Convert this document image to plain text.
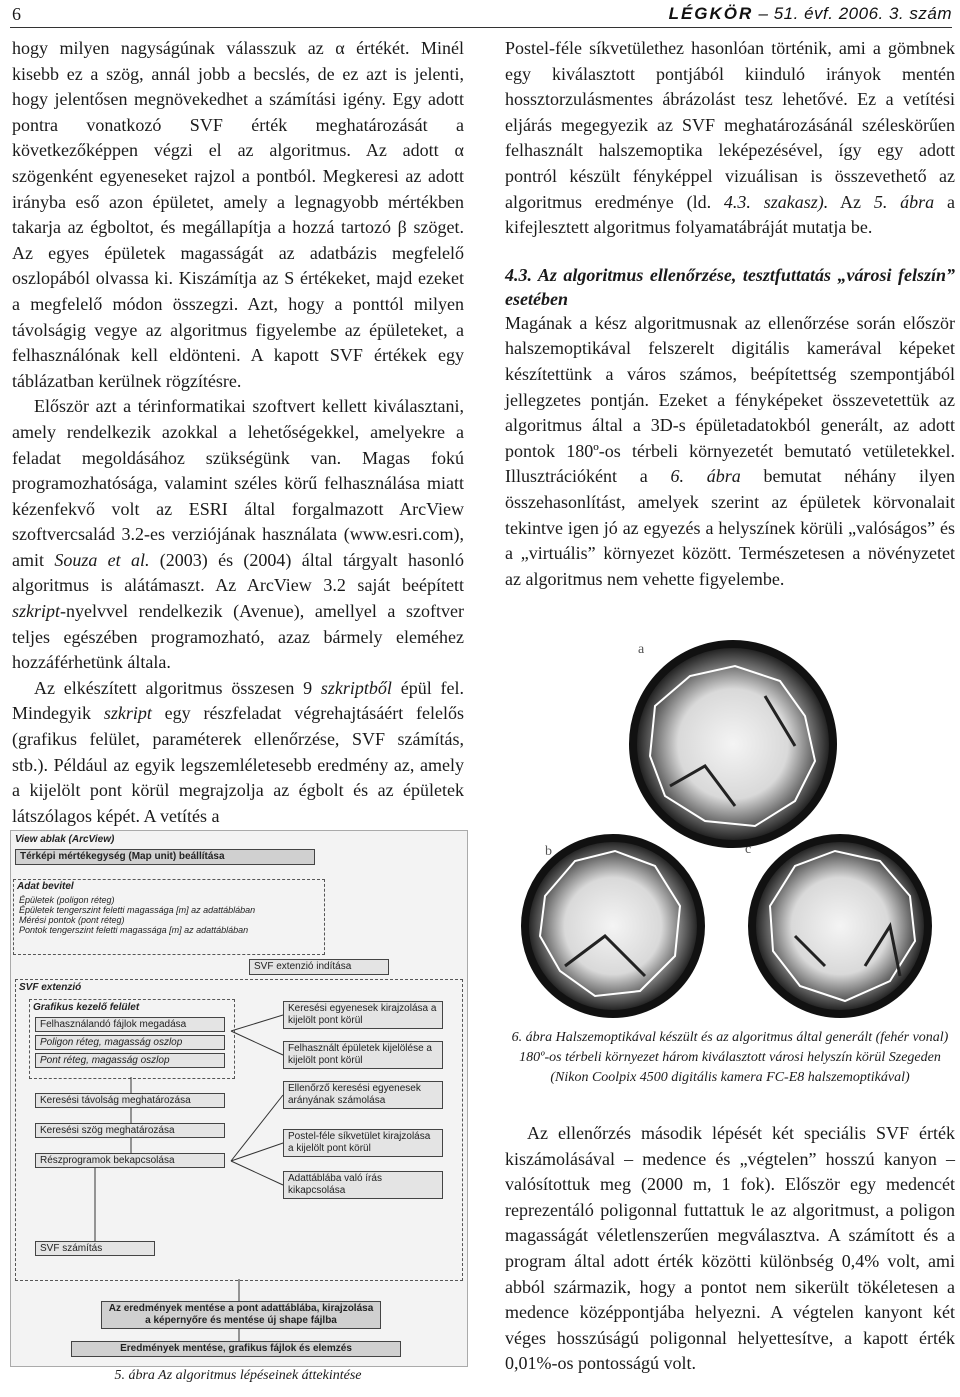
6	LÉGKÖR – 51. évf. 2006. 3. szám

hogy milyen nagyságúnak válasszuk az α értékét. Minél kisebb ez a szög, annál jobb a becslés, de ez azt is jelenti, hogy jelentősen megnövekedhet a számítási igény. Egy adott pontra vonatkozó SVF érték meghatározását a következőképpen végzi el az algoritmus. Az adott α szögenként egyeneseket rajzol a pontból. Megkeresi az adott irányba eső azon épületet, amely a legnagyobb mértékben takarja az égboltot, és megállapítja a hozzá tartozó β szöget. Az egyes épületek magasságát az adatbázis megfelelő oszlopából olvassa ki. Kiszámítja az S értékeket, majd ezeket a megfelelő módon összegzi. Azt, hogy a ponttól milyen távolságig vegye az algoritmus figyelembe az épületeket, a felhasználónak kell eldönteni. A kapott SVF értékek egy táblázatban kerülnek rögzítésre.

Először azt a térinformatikai szoftvert kellett kiválasztani, amely rendelkezik azokkal a lehetőségekkel, amelyekre a feladat megoldásához szükségünk van. Magas fokú programozhatósága, valamint széles körű felhasználása miatt kézenfekvő volt az ESRI által forgalmazott ArcView szoftvercsalád 3.2-es verziójának használata (www.esri.com), amit Souza et al. (2003) és (2004) által tárgyalt hasonló algoritmus is alátámaszt. Az ArcView 3.2 saját beépített szkript-nyelvvel rendelkezik (Avenue), amellyel a szoftver teljes egészében programozható, azaz bármely eleméhez hozzáférhetünk általa.

Az elkészített algoritmus összesen 9 szkriptből épül fel. Mindegyik szkript egy részfeladat végrehajtásáért felelős (grafikus felület, paraméterek ellenőrzése, SVF számítás, stb.). Például az egyik legszemléletesebb eredmény az, amely a kijelölt pont körül megrajzolja az égbolt és az épületek látszólagos képét. A vetítés a

Postel-féle síkvetülethez hasonlóan történik, ami a gömbnek egy kiválasztott pontjából kiinduló irányok mentén hossztorzulásmentes ábrázolást tesz lehetővé. Ez a vetítési eljárás megegyezik az SVF meghatározásánál széleskörűen felhasznált halszemoptika leképezésével, így egy adott pontról készült fényképpel vizuálisan is összevethető az algoritmus eredménye (ld. 4.3. szakasz). Az 5. ábra a kifejlesztett algoritmus folyamatábráját mutatja be.

4.3. Az algoritmus ellenőrzése, tesztfuttatás „városi felszín” esetében

Magának a kész algoritmusnak az ellenőrzése során először halszemoptikával felszerelt digitális kamerával képeket készítettünk a város számos, beépítettség szempontjából jellegzetes pontján. Ezeket a fényképeket összevetettük az algoritmus által a 3D-s épületadatokból generált, az adott pontok 180º-os térbeli környezetét bemutató vetületekkel. Illusztrációként a 6. ábra bemutat néhány ilyen összehasonlítást, amelyek szerint az épületek körvonalait tekintve igen jó az egyezés a helyszínek körüli „valóságos” és a „virtuális” környezet között. Természetesen a növényzetet az algoritmus nem vehette figyelembe.

a
b	c
6. ábra Halszemoptikával készült és az algoritmus által generált (fehér vonal) 180º-os térbeli környezet három kiválasztott városi helyszín körül Szegeden (Nikon Coolpix 4500 digitális kamera FC-E8 halszemoptikával)

Az ellenőrzés második lépését két speciális SVF érték kiszámolásával – medence és „végtelen” hosszú kanyon – valósítottuk meg (2000 m, 1 fok). Először egy medencét reprezentáló poligonnal futtattuk le az algoritmust, a poligon magasságát véletlenszerűen megválasztva. A számított és a program által adott érték közötti különbség 0,4% volt, ami abból származik, hogy a pontot nem sikerült tökéletesen a medence középpontjába helyezni. A végtelen kanyont két véges hosszúságú poligonnal helyettesítve, a kapott érték 0,01%-os pontosságú volt.

View ablak (ArcView)
Térképi mértékegység (Map unit) beállítása
Adat bevitel
Épületek (poligon réteg)
Épületek tengerszint feletti magassága [m] az adattáblában
Mérési pontok (pont réteg)
Pontok tengerszint feletti magassága [m] az adattáblában
SVF extenzió indítása
SVF extenzió
Grafikus kezelő felület
Felhasználandó fájlok megadása
Poligon réteg, magasság oszlop
Pont réteg, magasság oszlop
Keresési távolság meghatározása
Keresési szög meghatározása
Részprogramok bekapcsolása
Keresési egyenesek kirajzolása a kijelölt pont körül
Felhasznált épületek kijelölése a kijelölt pont körül
Ellenőrző keresési egyenesek arányának számolása
Postel-féle síkvetület kirajzolása a kijelölt pont körül
Adattáblába való írás kikapcsolása
SVF számítás
Az eredmények mentése a pont adattáblába, kirajzolása a képernyőre és mentése új shape fájlba
Eredmények mentése, grafikus fájlok és elemzés
5. ábra Az algoritmus lépéseinek áttekintése
